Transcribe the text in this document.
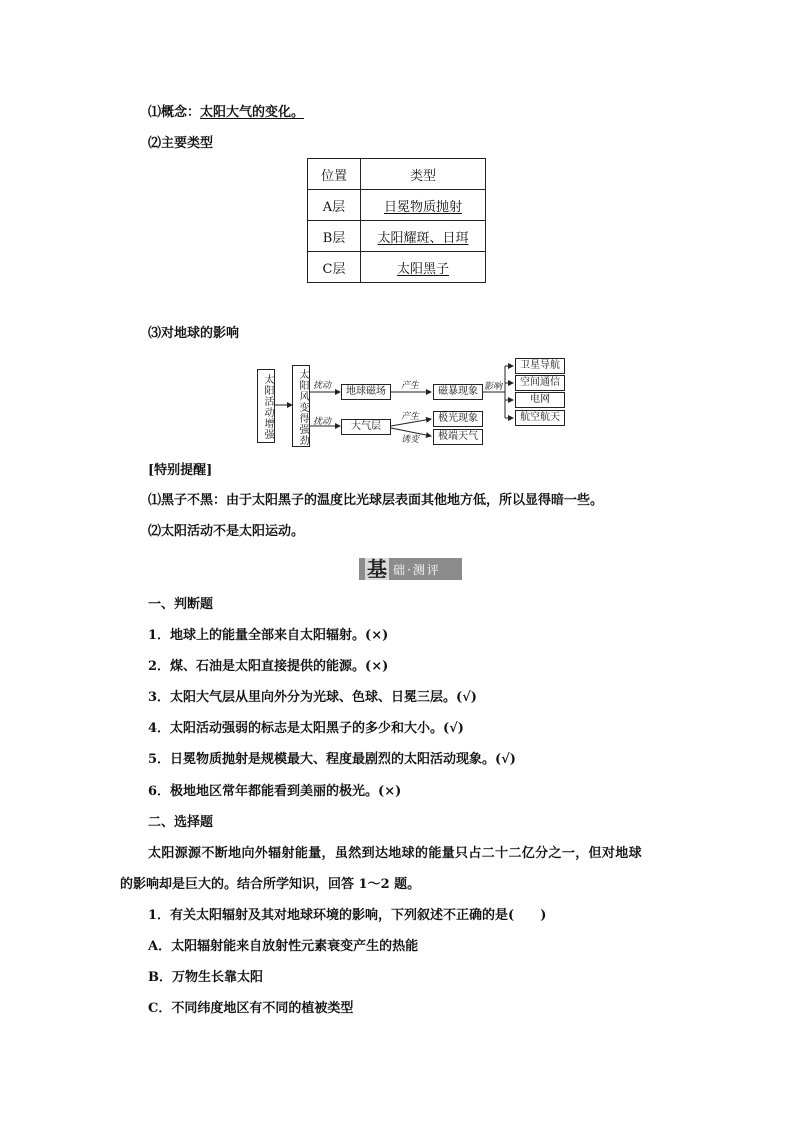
⑴概念：太阳大气的变化。
⑵主要类型
位置	类型
A层	日冕物质抛射
B层	太阳耀斑、日珥
C层	太阳黑子
⑶对地球的影响
太阳活动增强	太阳风变得强劲 扰动
扰动
地球磁场
大气层
产生
产生
诱变
磁暴现象
极光现象
极端天气
影响
卫星导航
空间通信
电网
航空航天
[特别提醒]
⑴黑子不黑：由于太阳黑子的温度比光球层表面其他地方低，所以显得暗一些。
⑵太阳活动不是太阳运动。
基 础·测评
一、判断题
1．地球上的能量全部来自太阳辐射。(×)
2．煤、石油是太阳直接提供的能源。(×)
3．太阳大气层从里向外分为光球、色球、日冕三层。(√)
4．太阳活动强弱的标志是太阳黑子的多少和大小。(√)
5．日冕物质抛射是规模最大、程度最剧烈的太阳活动现象。(√)
6．极地地区常年都能看到美丽的极光。(×)
二、选择题
太阳源源不断地向外辐射能量，虽然到达地球的能量只占二十二亿分之一，但对地球
的影响却是巨大的。结合所学知识，回答 1～2 题。
1．有关太阳辐射及其对地球环境的影响，下列叙述不正确的是(　　)
A．太阳辐射能来自放射性元素衰变产生的热能
B．万物生长靠太阳
C．不同纬度地区有不同的植被类型
